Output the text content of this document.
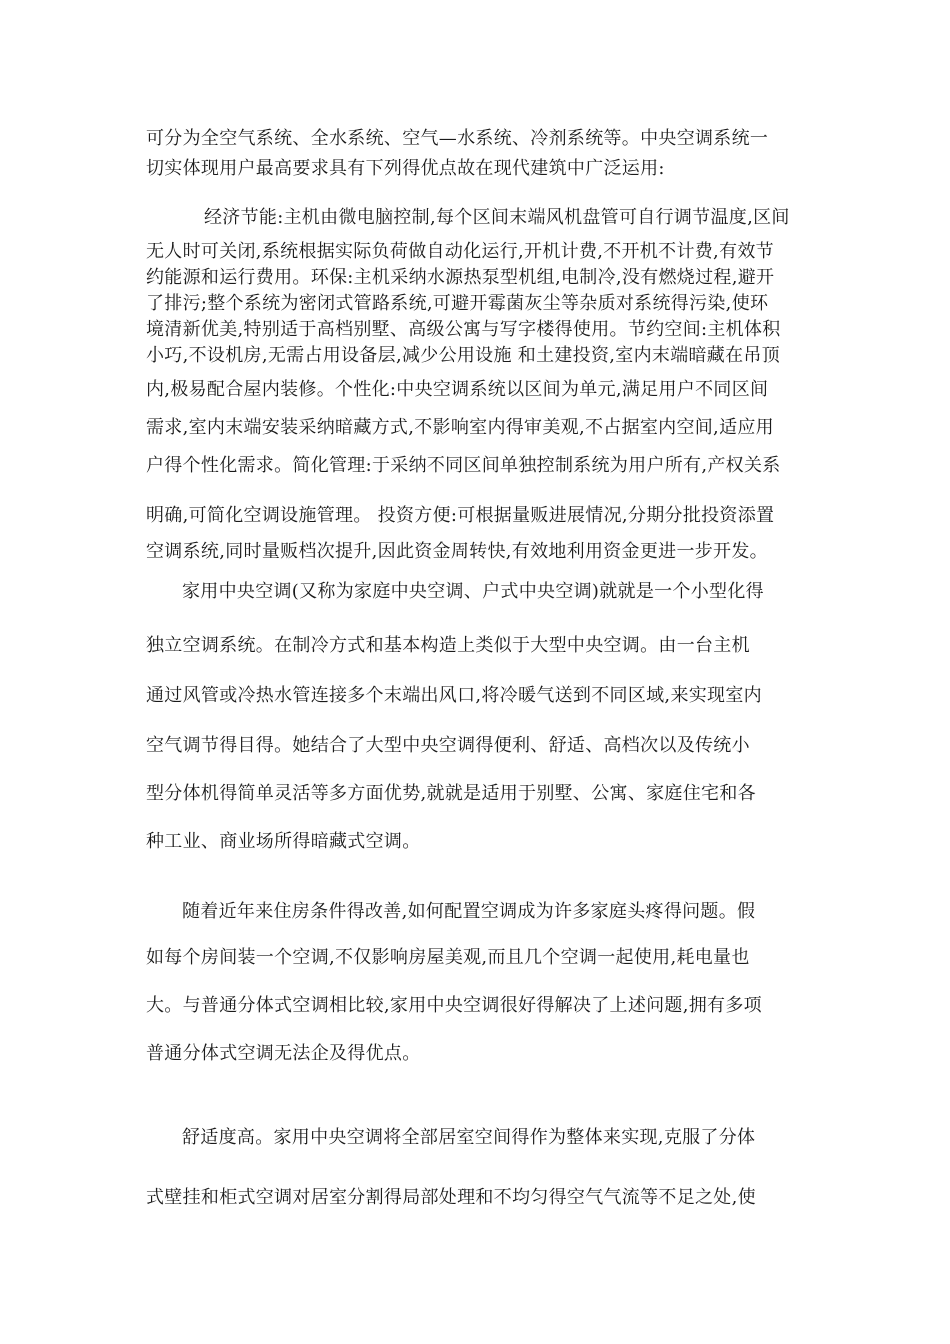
可分为全空气系统、全水系统、空气—水系统、冷剂系统等。中央空调系统一

切实体现用户最高要求具有下列得优点故在现代建筑中广泛运用:

经济节能:主机由微电脑控制,每个区间末端风机盘管可自行调节温度,区间

无人时可关闭,系统根据实际负荷做自动化运行,开机计费,不开机不计费,有效节

约能源和运行费用。环保:主机采纳水源热泵型机组,电制冷,没有燃烧过程,避开

了排污;整个系统为密闭式管路系统,可避开霉菌灰尘等杂质对系统得污染,使环

境清新优美,特别适于高档别墅、高级公寓与写字楼得使用。节约空间:主机体积

小巧,不设机房,无需占用设备层,减少公用设施 和土建投资,室内末端暗藏在吊顶

内,极易配合屋内装修。个性化:中央空调系统以区间为单元,满足用户不同区间

需求,室内末端安装采纳暗藏方式,不影响室内得审美观,不占据室内空间,适应用

户得个性化需求。简化管理:于采纳不同区间单独控制系统为用户所有,产权关系

明确,可简化空调设施管理。 投资方便:可根据量贩进展情况,分期分批投资添置

空调系统,同时量贩档次提升,因此资金周转快,有效地利用资金更进一步开发。

家用中央空调(又称为家庭中央空调、户式中央空调)就就是一个小型化得

独立空调系统。在制冷方式和基本构造上类似于大型中央空调。由一台主机

通过风管或冷热水管连接多个末端出风口,将冷暖气送到不同区域,来实现室内

空气调节得目得。她结合了大型中央空调得便利、舒适、高档次以及传统小

型分体机得简单灵活等多方面优势,就就是适用于别墅、公寓、家庭住宅和各

种工业、商业场所得暗藏式空调。

随着近年来住房条件得改善,如何配置空调成为许多家庭头疼得问题。假

如每个房间装一个空调,不仅影响房屋美观,而且几个空调一起使用,耗电量也

大。与普通分体式空调相比较,家用中央空调很好得解决了上述问题,拥有多项

普通分体式空调无法企及得优点。

舒适度高。家用中央空调将全部居室空间得作为整体来实现,克服了分体

式壁挂和柜式空调对居室分割得局部处理和不均匀得空气气流等不足之处,使
